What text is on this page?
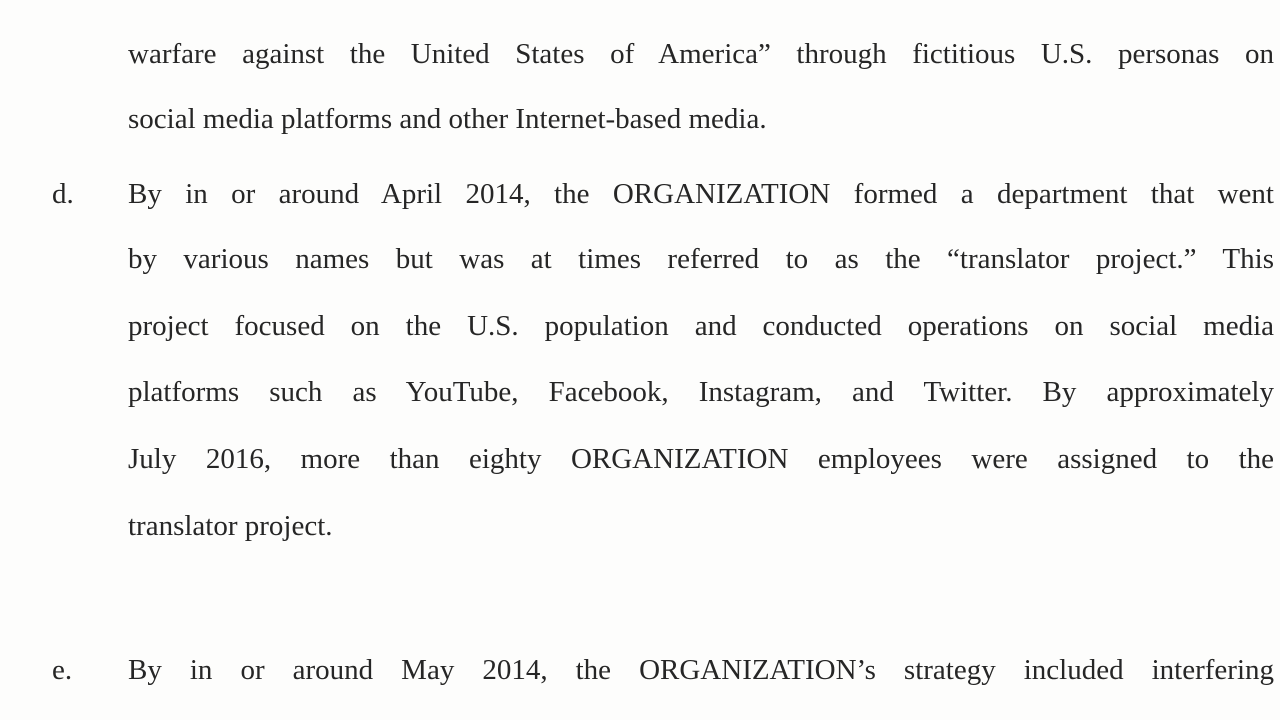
warfare against the United States of America” through fictitious U.S. personas on
social media platforms and other Internet-based media.
d. By in or around April 2014, the ORGANIZATION formed a department that went
by various names but was at times referred to as the “translator project.” This
project focused on the U.S. population and conducted operations on social media
platforms such as YouTube, Facebook, Instagram, and Twitter. By approximately
July 2016, more than eighty ORGANIZATION employees were assigned to the
translator project.
e. By in or around May 2014, the ORGANIZATION’s strategy included interfering
